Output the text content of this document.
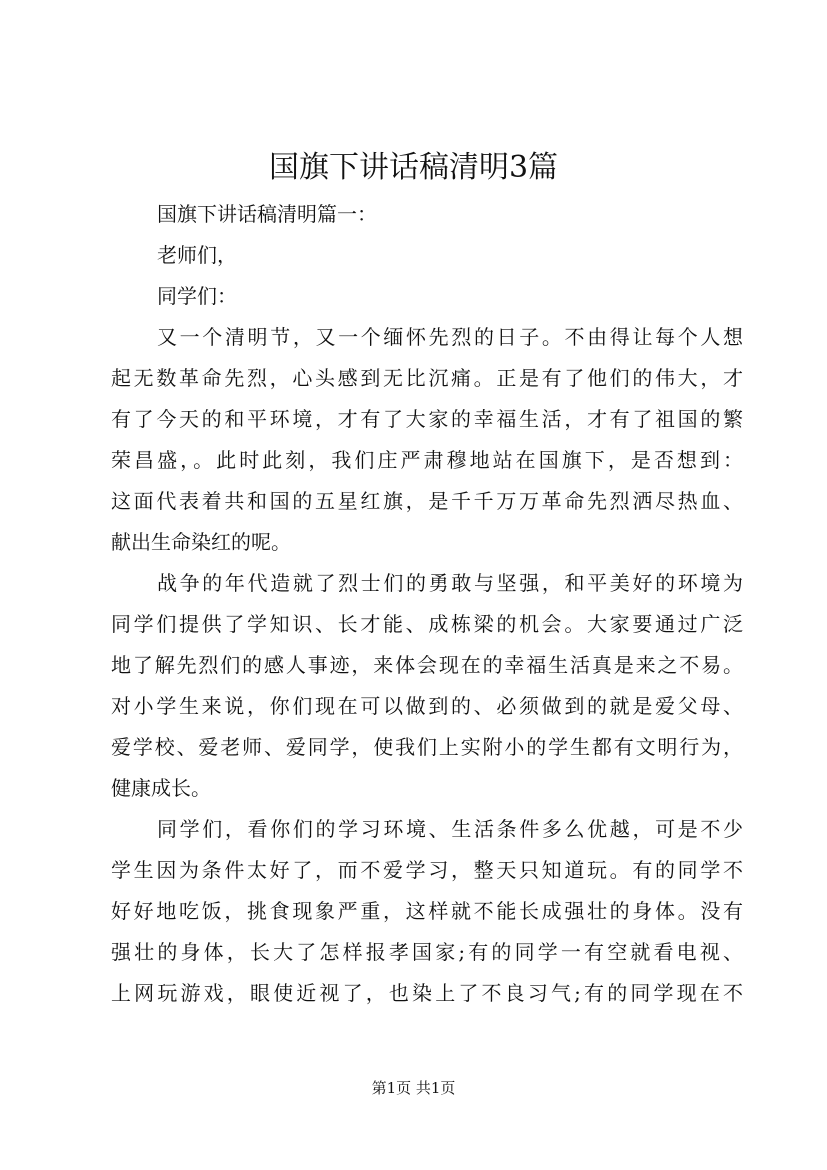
国旗下讲话稿清明3篇
国旗下讲话稿清明篇一：
老师们，
同学们：
又一个清明节，又一个缅怀先烈的日子。不由得让每个人想
起无数革命先烈，心头感到无比沉痛。正是有了他们的伟大，才
有了今天的和平环境，才有了大家的幸福生活，才有了祖国的繁
荣昌盛，。此时此刻，我们庄严肃穆地站在国旗下，是否想到：
这面代表着共和国的五星红旗，是千千万万革命先烈洒尽热血、
献出生命染红的呢。
战争的年代造就了烈士们的勇敢与坚强，和平美好的环境为
同学们提供了学知识、长才能、成栋梁的机会。大家要通过广泛
地了解先烈们的感人事迹，来体会现在的幸福生活真是来之不易。
对小学生来说，你们现在可以做到的、必须做到的就是爱父母、
爱学校、爱老师、爱同学，使我们上实附小的学生都有文明行为，
健康成长。
同学们，看你们的学习环境、生活条件多么优越，可是不少
学生因为条件太好了，而不爱学习，整天只知道玩。有的同学不
好好地吃饭，挑食现象严重，这样就不能长成强壮的身体。没有
强壮的身体，长大了怎样报孝国家;有的同学一有空就看电视、
上网玩游戏，眼使近视了，也染上了不良习气;有的同学现在不
第1页 共1页
